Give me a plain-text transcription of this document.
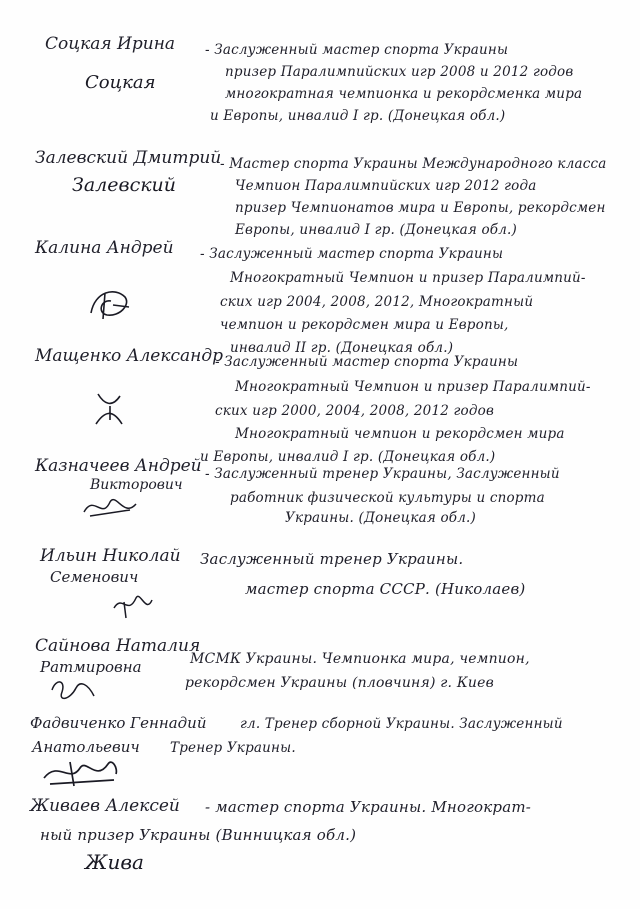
Соцкая Ирина - Заслуженный мастер спорта Украины
призер Паралимпийских игр 2008 и 2012 годов
многократная чемпионка и рекордсменка мира
и Европы, инвалид I гр. (Донецкая обл.)
Соцкая
Залевский Дмитрий
- Мастер спорта Украины Международного класса
Чемпион Паралимпийских игр 2012 года
призер Чемпионатов мира и Европы, рекордсмен
Европы, инвалид I гр. (Донецкая обл.)
Залевский
Калина Андрей - Заслуженный мастер спорта Украины
Многократный Чемпион и призер Паралимпий-
ских игр 2004, 2008, 2012, Многократный
чемпион и рекордсмен мира и Европы,
инвалид II гр. (Донецкая обл.)
Мащенко Александр
- Заслуженный мастер спорта Украины
Многократный Чемпион и призер Паралимпий-
ских игр 2000, 2004, 2008, 2012 годов
Многократный чемпион и рекордсмен мира
и Европы, инвалид I гр. (Донецкая обл.)
Казначеев Андрей
Викторович
- Заслуженный тренер Украины, Заслуженный
работник физической культуры и спорта
Украины. (Донецкая обл.)
Ильин Николай
Семенович
Заслуженный тренер Украины.
мастер спорта СССР. (Николаев)
Сайнова Наталия
Ратмировна	МСМК Украины. Чемпионка мира, чемпион,
рекордсмен Украины (пловчиня) г. Киев
Фадвиченко Геннадий
Анатольевич
гл. Тренер сборной Украины. Заслуженный
Тренер Украины.
Живаев Алексей - мастер спорта Украины. Многократ-
ный призер Украины (Винницкая обл.)
Жива
